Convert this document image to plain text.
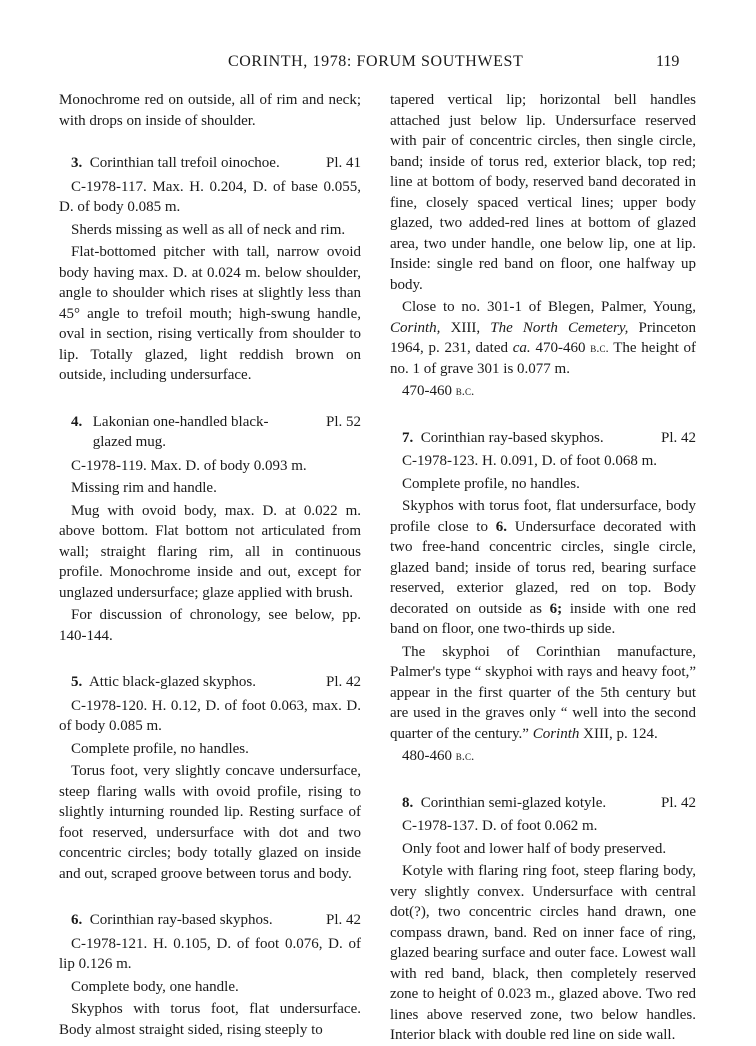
CORINTH, 1978: FORUM SOUTHWEST	119

Monochrome red on outside, all of rim and neck; with drops on inside of shoulder.

3. Corinthian tall trefoil oinochoe.	Pl. 41

C-1978-117. Max. H. 0.204, D. of base 0.055, D. of body 0.085 m.

Sherds missing as well as all of neck and rim.

Flat-bottomed pitcher with tall, narrow ovoid body having max. D. at 0.024 m. below shoulder, angle to shoulder which rises at slightly less than 45° angle to trefoil mouth; high-swung handle, oval in section, rising vertically from shoulder to lip. Totally glazed, light reddish brown on outside, including undersurface.

4. Lakonian one-handled black-glazed mug.
Pl. 52

C-1978-119. Max. D. of body 0.093 m.

Missing rim and handle.

Mug with ovoid body, max. D. at 0.022 m. above bottom. Flat bottom not articulated from wall; straight flaring rim, all in continuous profile. Monochrome inside and out, except for unglazed undersurface; glaze applied with brush.

For discussion of chronology, see below, pp. 140-144.

5. Attic black-glazed skyphos.	Pl. 42

C-1978-120. H. 0.12, D. of foot 0.063, max. D. of body 0.085 m.

Complete profile, no handles.

Torus foot, very slightly concave undersurface, steep flaring walls with ovoid profile, rising to slightly inturning rounded lip. Resting surface of foot reserved, undersurface with dot and two concentric circles; body totally glazed on inside and out, scraped groove between torus and body.

6. Corinthian ray-based skyphos.	Pl. 42

C-1978-121. H. 0.105, D. of foot 0.076, D. of lip 0.126 m.

Complete body, one handle.

Skyphos with torus foot, flat undersurface. Body almost straight sided, rising steeply to

tapered vertical lip; horizontal bell handles attached just below lip. Undersurface reserved with pair of concentric circles, then single circle, band; inside of torus red, exterior black, top red; line at bottom of body, reserved band decorated in fine, closely spaced vertical lines; upper body glazed, two added-red lines at bottom of glazed area, two under handle, one below lip, one at lip. Inside: single red band on floor, one halfway up body.

Close to no. 301-1 of Blegen, Palmer, Young, Corinth, XIII, The North Cemetery, Princeton 1964, p. 231, dated ca. 470-460 b.c. The height of no. 1 of grave 301 is 0.077 m.

470-460 b.c.

7. Corinthian ray-based skyphos.	Pl. 42

C-1978-123. H. 0.091, D. of foot 0.068 m.

Complete profile, no handles.

Skyphos with torus foot, flat undersurface, body profile close to 6. Undersurface decorated with two free-hand concentric circles, single circle, glazed band; inside of torus red, bearing surface reserved, exterior glazed, red on top. Body decorated on outside as 6; inside with one red band on floor, one two-thirds up side.

The skyphoi of Corinthian manufacture, Palmer's type “ skyphoi with rays and heavy foot,” appear in the first quarter of the 5th century but are used in the graves only “ well into the second quarter of the century.” Corinth XIII, p. 124.

480-460 b.c.

8. Corinthian semi-glazed kotyle.	Pl. 42

C-1978-137. D. of foot 0.062 m.

Only foot and lower half of body preserved.

Kotyle with flaring ring foot, steep flaring body, very slightly convex. Undersurface with central dot(?), two concentric circles hand drawn, one compass drawn, band. Red on inner face of ring, glazed bearing surface and outer face. Lowest wall with red band, black, then completely reserved zone to height of 0.023 m., glazed above. Two red lines above reserved zone, two below handles. Interior black with double red line on side wall.
